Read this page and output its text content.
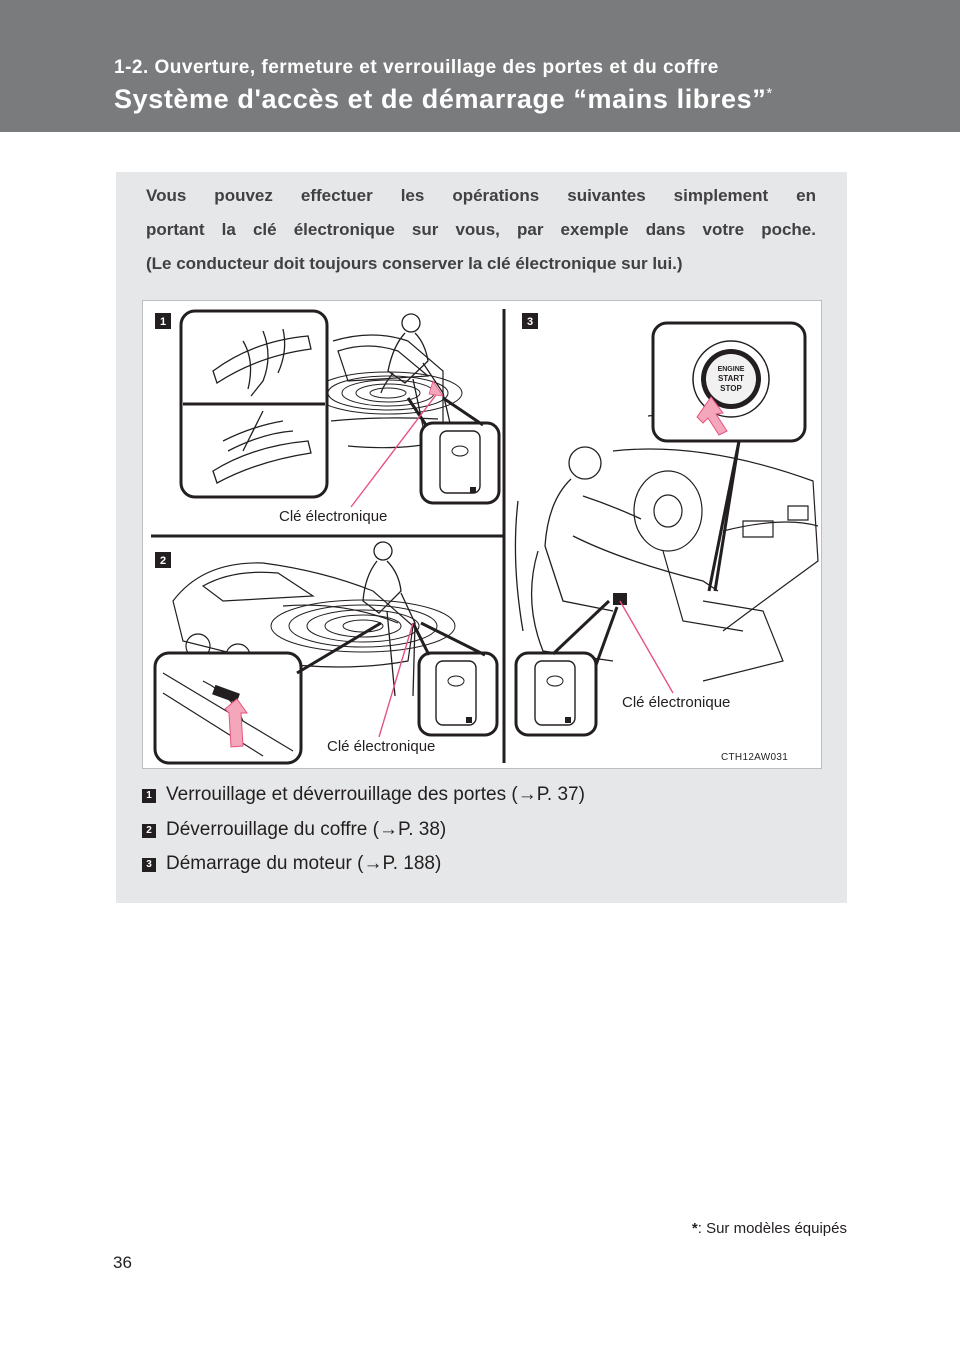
1-2. Ouverture, fermeture et verrouillage des portes et du coffre
Système d'accès et de démarrage “mains libres”*

Vous pouvez effectuer les opérations suivantes simplement en

portant la clé électronique sur vous, par exemple dans votre poche.

(Le conducteur doit toujours conserver la clé électronique sur lui.)

1
2
3
ENGINE
START
STOP
Clé électronique
Clé électronique
Clé électronique
CTH12AW031
1 Verrouillage et déverrouillage des portes (→P. 37)
2 Déverrouillage du coffre (→P. 38)
3 Démarrage du moteur (→P. 188)
*: Sur modèles équipés
36
